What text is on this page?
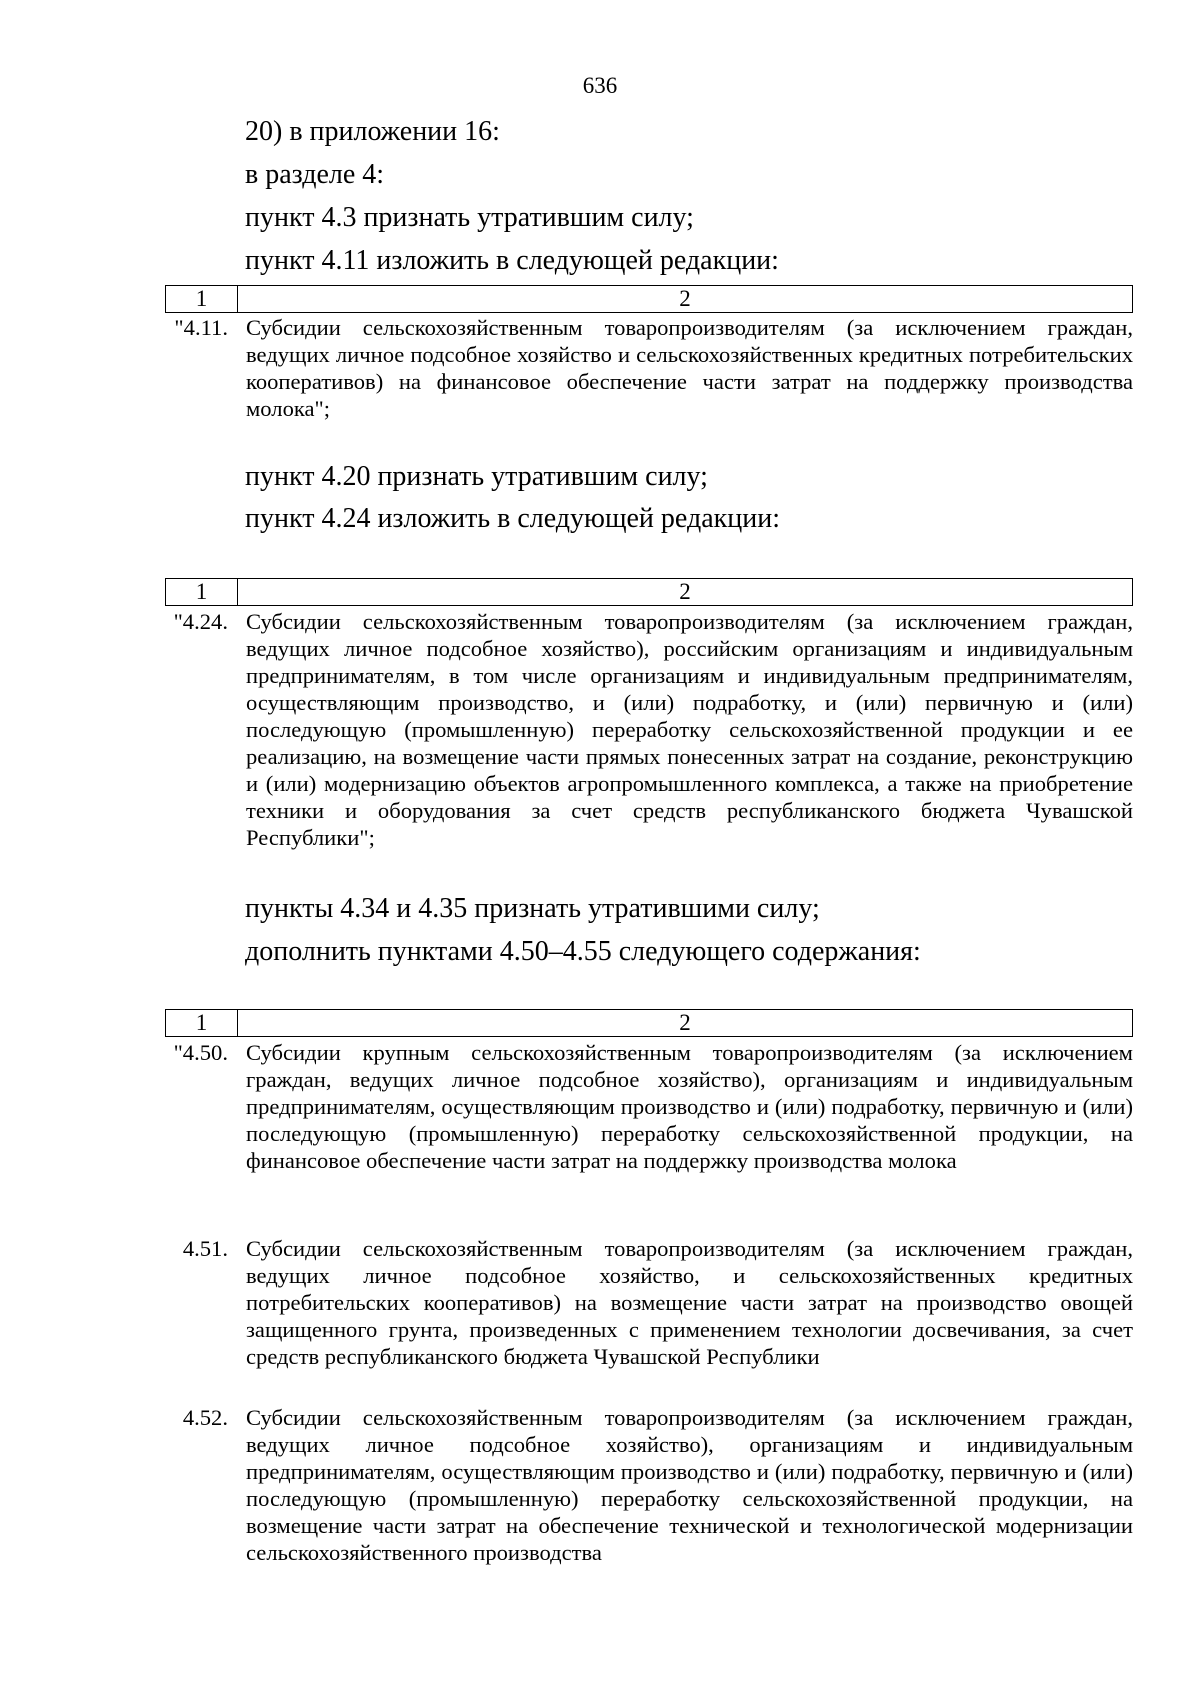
636
20) в приложении 16:
в разделе 4:
пункт 4.3 признать утратившим силу;
пункт 4.11 изложить в следующей редакции:
1	2
"4.11. Субсидии сельскохозяйственным товаропроизводителям (за исключением граждан, ведущих личное подсобное хозяйство и сельскохозяйственных кредитных потребительских кооперативов) на финансовое обеспечение части затрат на поддержку производства молока";
пункт 4.20 признать утратившим силу;
пункт 4.24 изложить в следующей редакции:
1	2
"4.24. Субсидии сельскохозяйственным товаропроизводителям (за исключением граждан, ведущих личное подсобное хозяйство), российским организациям и индивидуальным предпринимателям, в том числе организациям и индивидуальным предпринимателям, осуществляющим производство, и (или) подработку, и (или) первичную и (или) последующую (промышленную) переработку сельскохозяйственной продукции и ее реализацию, на возмещение части прямых понесенных затрат на создание, реконструкцию и (или) модернизацию объектов агропромышленного комплекса, а также на приобретение техники и оборудования за счет средств республиканского бюджета Чувашской Республики";
пункты 4.34 и 4.35 признать утратившими силу;
дополнить пунктами 4.50–4.55 следующего содержания:
1	2
"4.50. Субсидии крупным сельскохозяйственным товаропроизводителям (за исключением граждан, ведущих личное подсобное хозяйство), организациям и индивидуальным предпринимателям, осуществляющим производство и (или) подработку, первичную и (или) последующую (промышленную) переработку сельскохозяйственной продукции, на финансовое обеспечение части затрат на поддержку производства молока
4.51. Субсидии сельскохозяйственным товаропроизводителям (за исключением граждан, ведущих личное подсобное хозяйство, и сельскохозяйственных кредитных потребительских кооперативов) на возмещение части затрат на производство овощей защищенного грунта, произведенных с применением технологии досвечивания, за счет средств республиканского бюджета Чувашской Республики
4.52. Субсидии сельскохозяйственным товаропроизводителям (за исключением граждан, ведущих личное подсобное хозяйство), организациям и индивидуальным предпринимателям, осуществляющим производство и (или) подработку, первичную и (или) последующую (промышленную) переработку сельскохозяйственной продукции, на возмещение части затрат на обеспечение технической и технологической модернизации сельскохозяйственного производства
